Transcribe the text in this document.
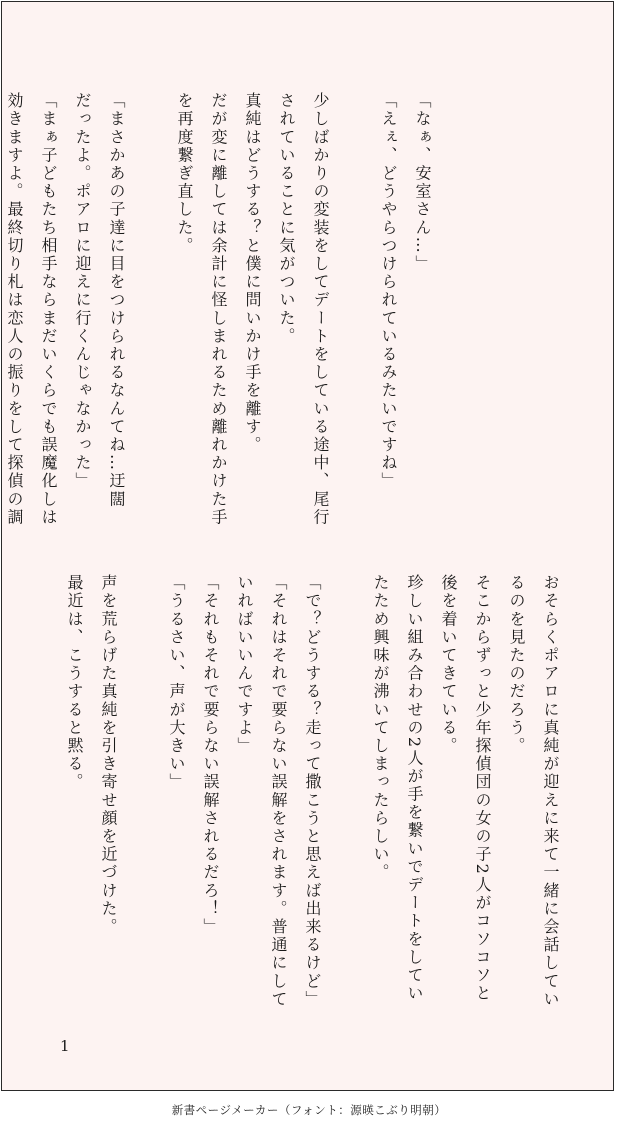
「なぁ、安室さん…」

「えぇ、どうやらつけられているみたいですね」

少しばかりの変装をしてデートをしている途中、尾行

されていることに気がついた。

真純はどうする？と僕に問いかけ手を離す。

だが変に離しては余計に怪しまれるため離れかけた手

を再度繋ぎ直した。

「まさかあの子達に目をつけられるなんてね…迂闊

だったよ。ポアロに迎えに行くんじゃなかった」

「まぁ子どもたち相手ならまだいくらでも誤魔化しは

効きますよ。最終切り札は恋人の振りをして探偵の調

おそらくポアロに真純が迎えに来て一緒に会話してい

るのを見たのだろう。

そこからずっと少年探偵団の女の子2人がコソコソと

後を着いてきている。

珍しい組み合わせの2人が手を繋いでデートをしてい

たため興味が沸いてしまったらしい。

「で？どうする？走って撒こうと思えば出来るけど」

「それはそれで要らない誤解をされます。普通にして

いればいいんですよ」

「それもそれで要らない誤解されるだろ！」

「うるさい、声が大きい」

声を荒らげた真純を引き寄せ顔を近づけた。

最近は、こうすると黙る。

1
新書ページメーカー（フォント：源暎こぶり明朝）
